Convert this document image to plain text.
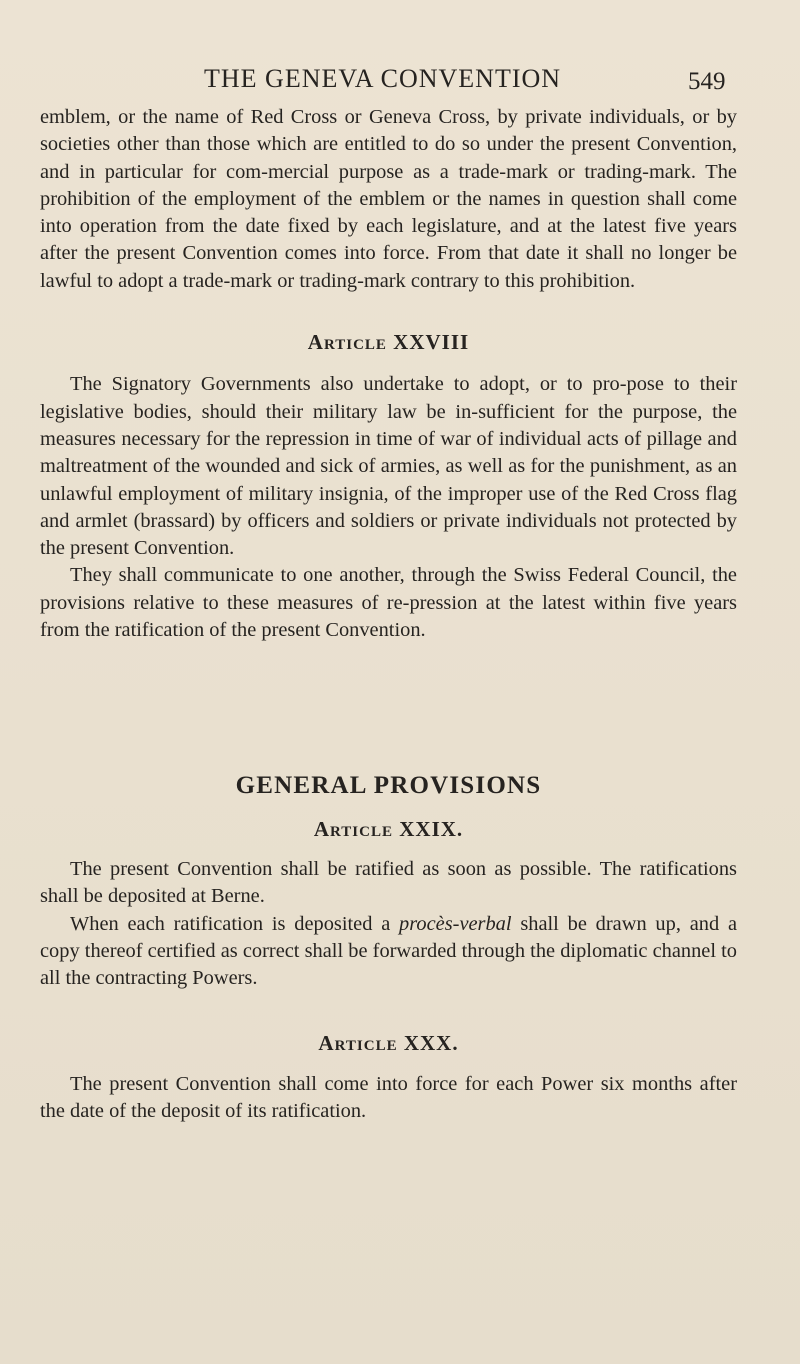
THE GENEVA CONVENTION	549

emblem, or the name of Red Cross or Geneva Cross, by private individuals, or by societies other than those which are entitled to do so under the present Convention, and in particular for com-mercial purpose as a trade-mark or trading-mark. The prohibition of the employment of the emblem or the names in question shall come into operation from the date fixed by each legislature, and at the latest five years after the present Convention comes into force. From that date it shall no longer be lawful to adopt a trade-mark or trading-mark contrary to this prohibition.

Article XXVIII

The Signatory Governments also undertake to adopt, or to pro-pose to their legislative bodies, should their military law be in-sufficient for the purpose, the measures necessary for the repression in time of war of individual acts of pillage and maltreatment of the wounded and sick of armies, as well as for the punishment, as an unlawful employment of military insignia, of the improper use of the Red Cross flag and armlet (brassard) by officers and soldiers or private individuals not protected by the present Convention.

They shall communicate to one another, through the Swiss Federal Council, the provisions relative to these measures of re-pression at the latest within five years from the ratification of the present Convention.

GENERAL PROVISIONS
Article XXIX.

The present Convention shall be ratified as soon as possible. The ratifications shall be deposited at Berne.

When each ratification is deposited a procès-verbal shall be drawn up, and a copy thereof certified as correct shall be forwarded through the diplomatic channel to all the contracting Powers.

Article XXX.

The present Convention shall come into force for each Power six months after the date of the deposit of its ratification.
